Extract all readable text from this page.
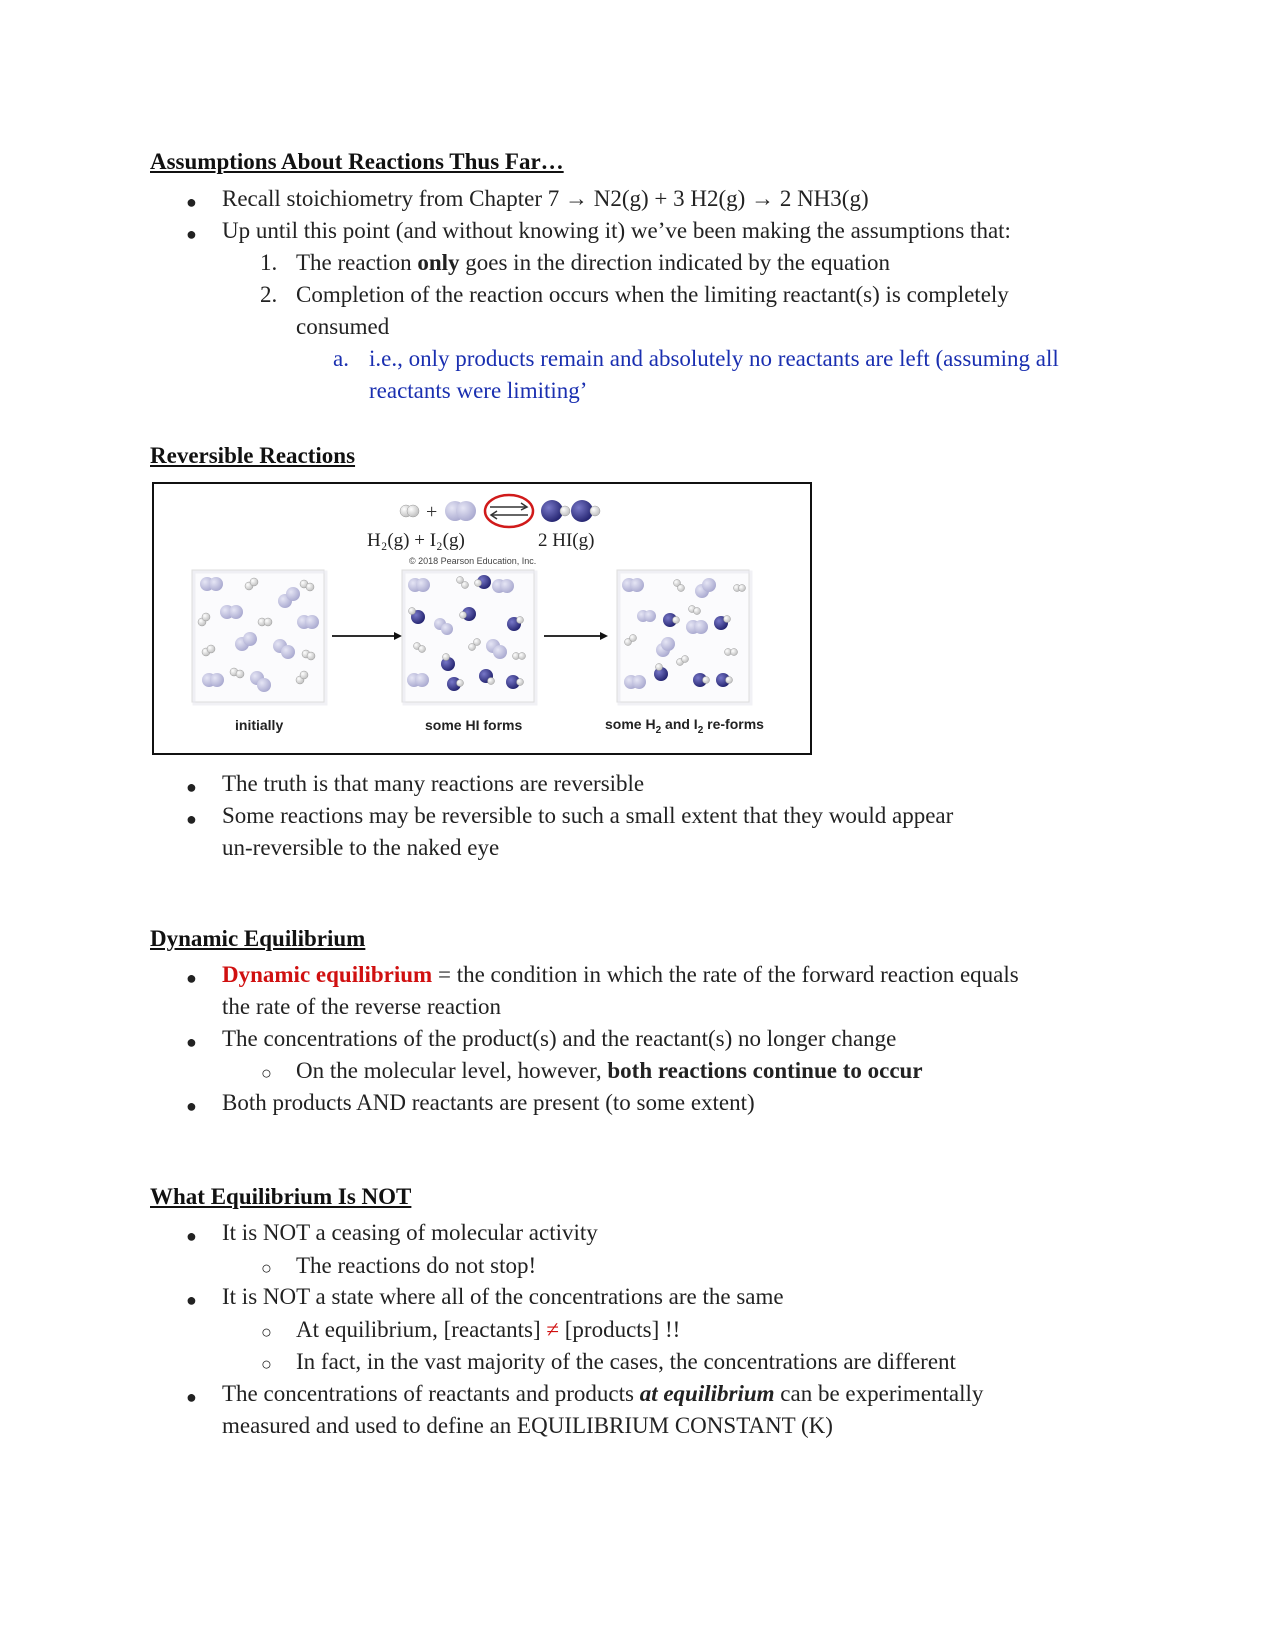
Assumptions About Reactions Thus Far…
● Recall stoichiometry from Chapter 7 → N2(g) + 3 H2(g) → 2 NH3(g)
● Up until this point (and without knowing it) we’ve been making the assumptions that:
1. The reaction only goes in the direction indicated by the equation
2. Completion of the reaction occurs when the limiting reactant(s) is completely
consumed
a. i.e., only products remain and absolutely no reactants are left (assuming all
reactants were limiting’
Reversible Reactions
+
H₂(g) + I₂(g)	2 HI(g)
© 2018 Pearson Education, Inc.
initially	some HI forms	some $H_2$ and $I_2$ re-forms
● The truth is that many reactions are reversible
● Some reactions may be reversible to such a small extent that they would appear
un-reversible to the naked eye
Dynamic Equilibrium
● Dynamic equilibrium = the condition in which the rate of the forward reaction equals
the rate of the reverse reaction
● The concentrations of the product(s) and the reactant(s) no longer change
○ On the molecular level, however, both reactions continue to occur
● Both products AND reactants are present (to some extent)
What Equilibrium Is NOT
● It is NOT a ceasing of molecular activity
○ The reactions do not stop!
● It is NOT a state where all of the concentrations are the same
○ At equilibrium, [reactants] ≠ [products] !!
○ In fact, in the vast majority of the cases, the concentrations are different
● The concentrations of reactants and products at equilibrium can be experimentally
measured and used to define an EQUILIBRIUM CONSTANT (K)
